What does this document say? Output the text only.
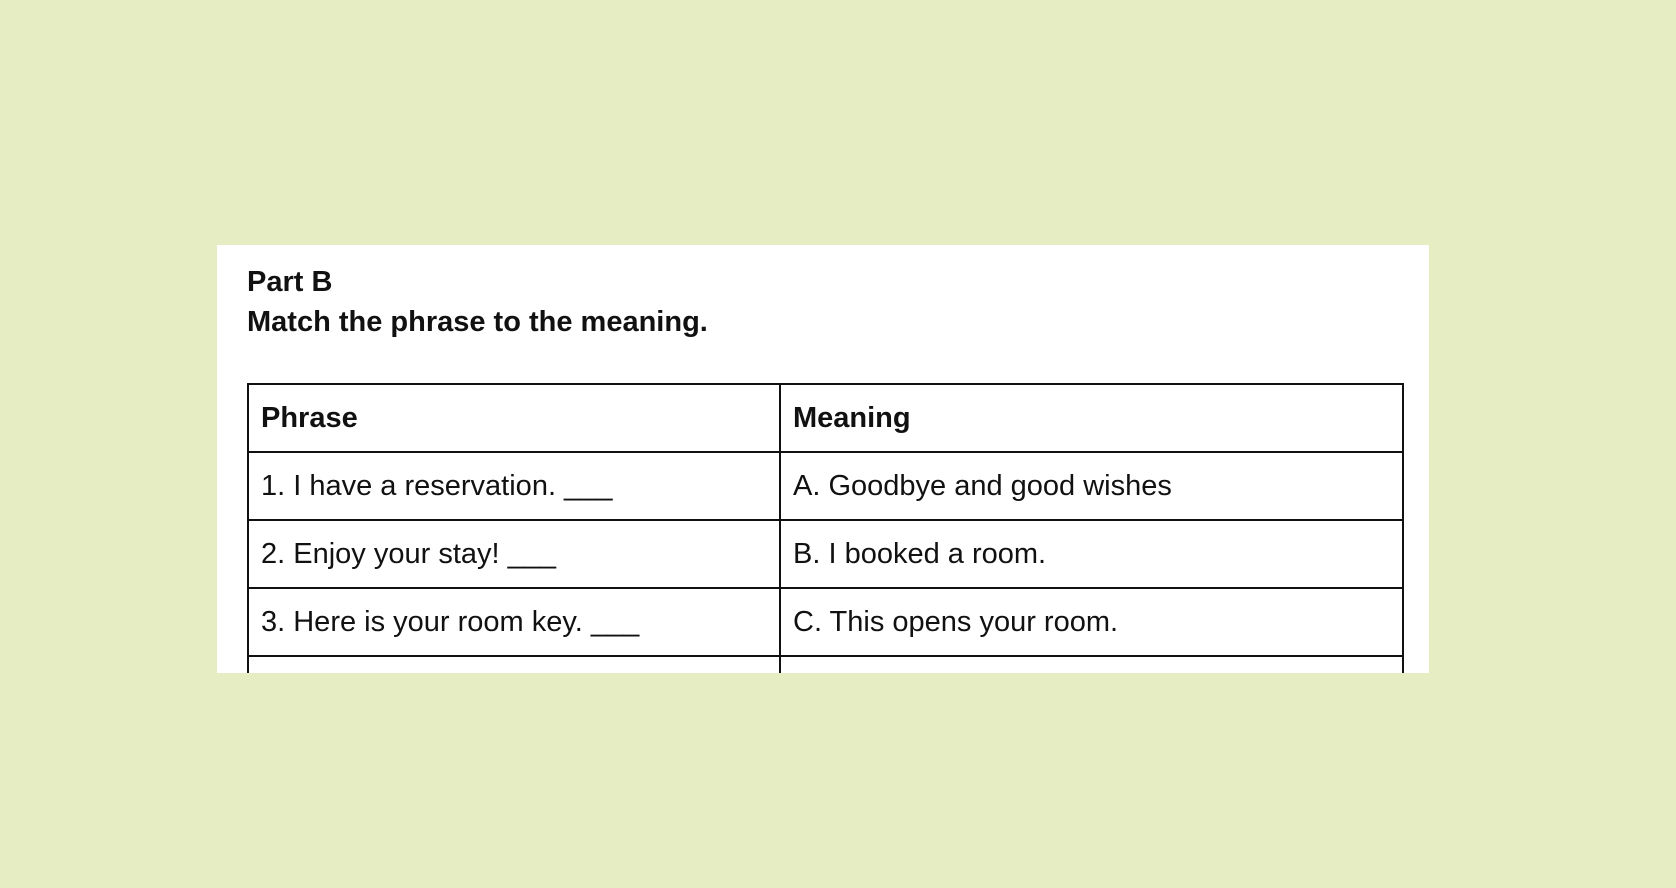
Part B

Match the phrase to the meaning.

Phrase	Meaning
1. I have a reservation. ___	A. Goodbye and good wishes
2. Enjoy your stay! ___	B. I booked a room.
3. Here is your room key. ___	C. This opens your room.
